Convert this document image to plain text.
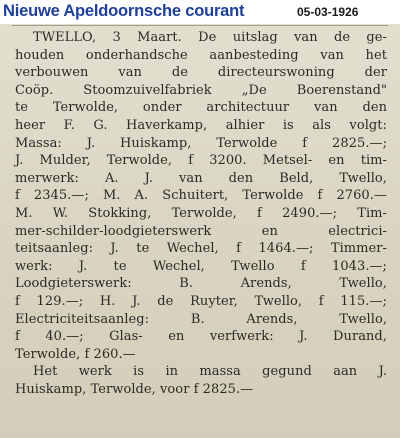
Nieuwe Apeldoornsche courant	05-03-1926
TWELLO, 3 Maart. De uitslag van de ge-
houden onderhandsche aanbesteding van het
verbouwen van de directeurswoning der
Coöp. Stoomzuivelfabriek „De Boerenstand"
te Terwolde, onder architectuur van den
heer F. G. Haverkamp, alhier is als volgt:
Massa: J. Huiskamp, Terwolde f 2825.—;
J. Mulder, Terwolde, f 3200. Metsel- en tim-
merwerk: A. J. van den Beld, Twello,
f 2345.—; M. A. Schuitert, Terwolde f 2760.—
M. W. Stokking, Terwolde, f 2490.—; Tim-
mer-schilder-loodgieterswerk en electrici-
teitsaanleg: J. te Wechel, f 1464.—; Timmer-
werk: J. te Wechel, Twello f 1043.—;
Loodgieterswerk: B. Arends, Twello,
f 129.—; H. J. de Ruyter, Twello, f 115.—;
Electriciteitsaanleg: B. Arends, Twello,
f 40.—; Glas- en verfwerk: J. Durand,
Terwolde, f 260.—
Het werk is in massa gegund aan J.
Huiskamp, Terwolde, voor f 2825.—
